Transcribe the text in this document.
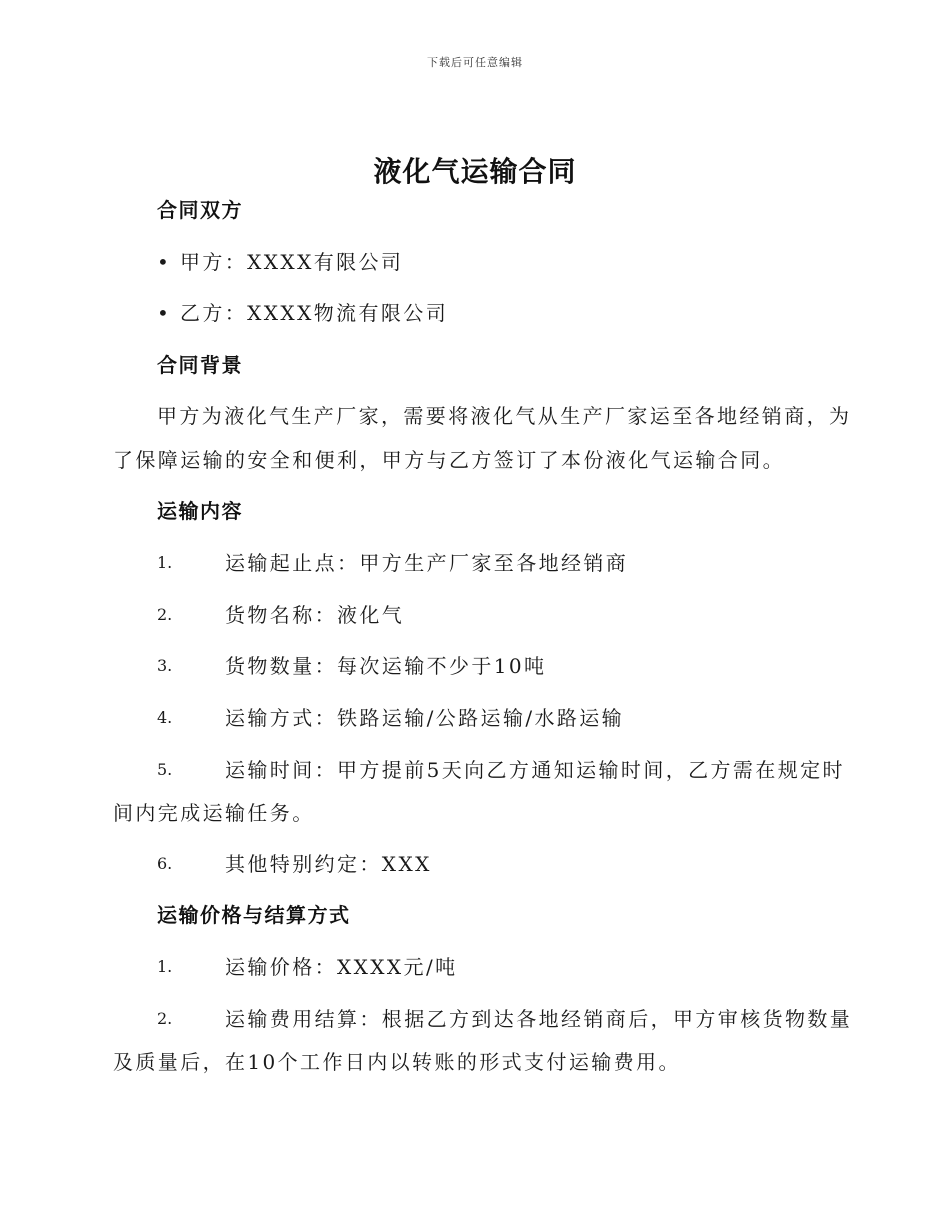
下载后可任意编辑
液化气运输合同
合同双方
• 甲方：XXXX有限公司
• 乙方：XXXX物流有限公司
合同背景
甲方为液化气生产厂家，需要将液化气从生产厂家运至各地经销商，为
了保障运输的安全和便利，甲方与乙方签订了本份液化气运输合同。
运输内容
1.	运输起止点：甲方生产厂家至各地经销商
2.	货物名称：液化气
3.	货物数量：每次运输不少于10吨
4.	运输方式：铁路运输/公路运输/水路运输
5.	运输时间：甲方提前5天向乙方通知运输时间，乙方需在规定时
间内完成运输任务。
6.	其他特别约定：XXX
运输价格与结算方式
1.	运输价格：XXXX元/吨
2.	运输费用结算：根据乙方到达各地经销商后，甲方审核货物数量
及质量后，在10个工作日内以转账的形式支付运输费用。
